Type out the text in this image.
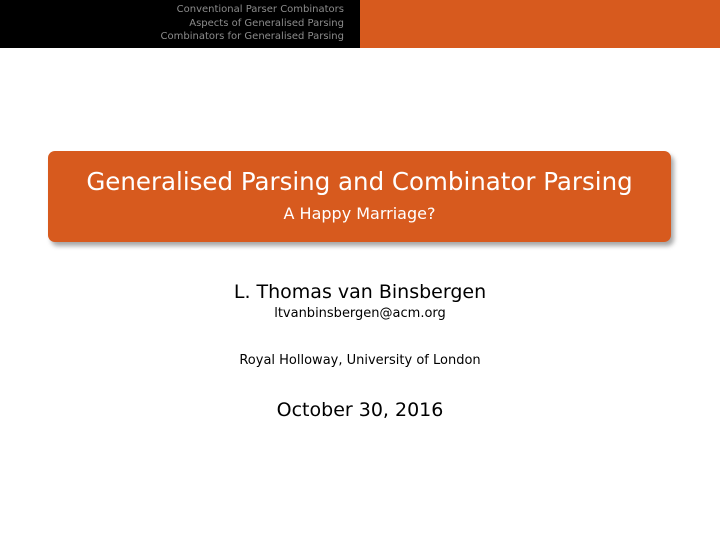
Conventional Parser Combinators
Aspects of Generalised Parsing
Combinators for Generalised Parsing
Generalised Parsing and Combinator Parsing
A Happy Marriage?
L. Thomas van Binsbergen
ltvanbinsbergen@acm.org
Royal Holloway, University of London
October 30, 2016
